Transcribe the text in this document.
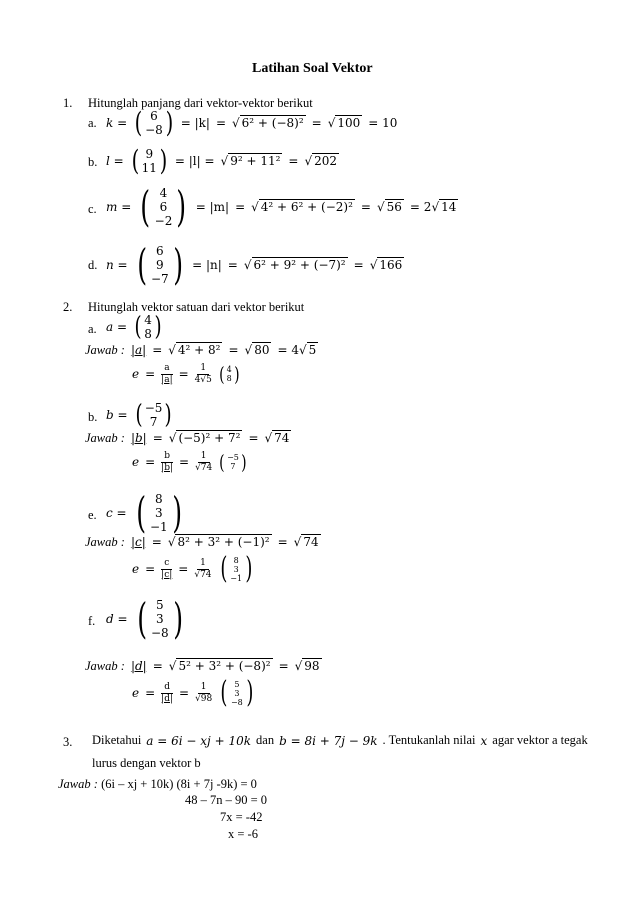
Latihan Soal Vektor
1. Hitunglah panjang dari vektor-vektor berikut
a. k = ( 6
−8 ) = |k| = √ 6² + (−8)² = √ 100 = 10
b. l = ( 9
11 ) = |l| = √ 9² + 11² = √ 202
c. m = ( 4
6
−2 ) = |m| = √ 4² + 6² + (−2)² = √ 56 = 2√ 14
d. n = ( 6
9
−7 ) = |n| = √ 6² + 9² + (−7)² = √ 166
2. Hitunglah vektor satuan dari vektor berikut
a. a = ( 4
8 )
Jawab : |a| = √ 4² + 8² = √ 80 = 4√ 5
$e = \frac{a}{|a|} = \frac{1}{4√5}$ ( 4
8 )
b. b = ( −5
7 )
Jawab : |b| = √ (−5)² + 7² = √ 74
$e = \frac{b}{|b|} = \frac{1}{√74}$ ( −5
7 )
e. c = ( 8
3
−1 )
Jawab : |c| = √ 8² + 3² + (−1)² = √ 74
$e = \frac{c}{|c|} = \frac{1}{√74}$ ( 8
3
−1 )
f. d = ( 5
3
−8 )
Jawab : |d| = √ 5² + 3² + (−8)² = √ 98
$e = \frac{d}{|d|} = \frac{1}{√98}$ ( 5
3
−8 )
3. Diketahui a = 6i − xj + 10k dan b = 8i + 7j − 9k . Tentukanlah nilai x agar vektor a tegak
lurus dengan vektor b
Jawab : (6i – xj + 10k) (8i + 7j -9k) = 0
48 – 7n – 90 = 0
7x = -42
x = -6
